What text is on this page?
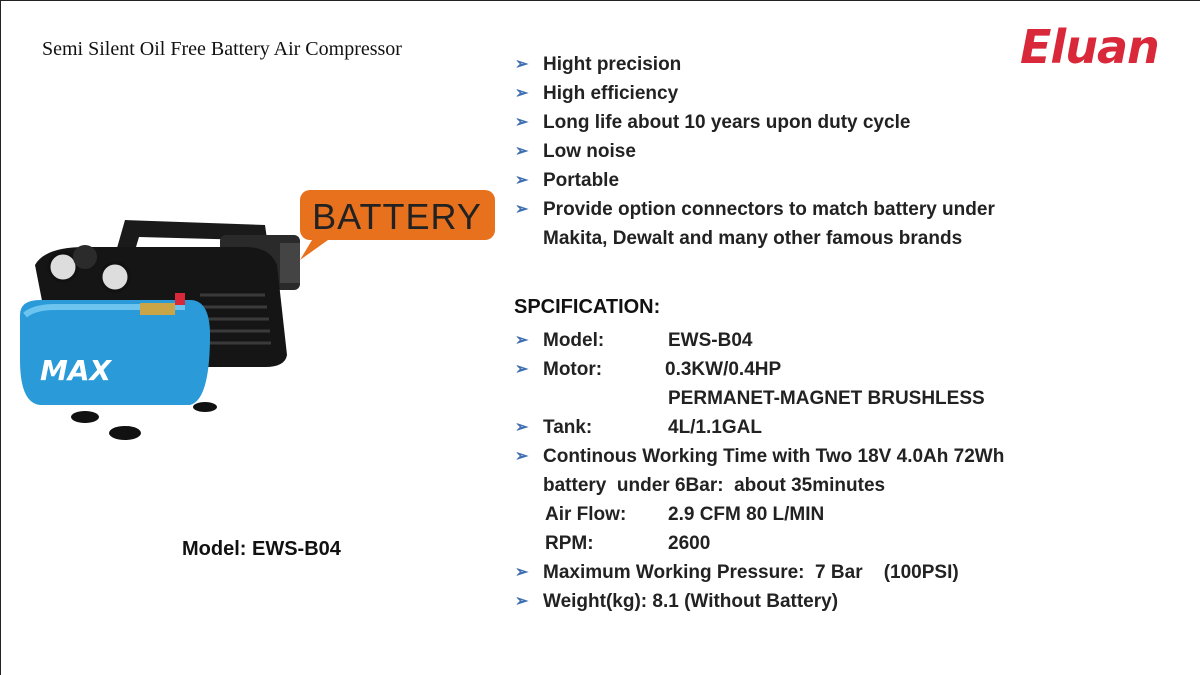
Semi Silent Oil Free Battery Air Compressor	Eluan
BATTERY
MAX
➢ Hight precision
➢ High efficiency
➢ Long life about 10 years upon duty cycle
➢ Low noise
➢ Portable
➢ Provide option connectors to match battery under
Makita, Dewalt and many other famous brands
SPCIFICATION:
➢ Model:	EWS-B04
➢ Motor:	0.3KW/0.4HP
PERMANET-MAGNET BRUSHLESS
➢ Tank:	4L/1.1GAL
➢ Continous Working Time with Two 18V 4.0Ah 72Wh
battery  under 6Bar:  about 35minutes
Air Flow:	2.9 CFM 80 L/MIN
RPM:	2600
➢ Maximum Working Pressure:  7 Bar    (100PSI)
➢ Weight(kg): 8.1 (Without Battery)
Model: EWS-B04
